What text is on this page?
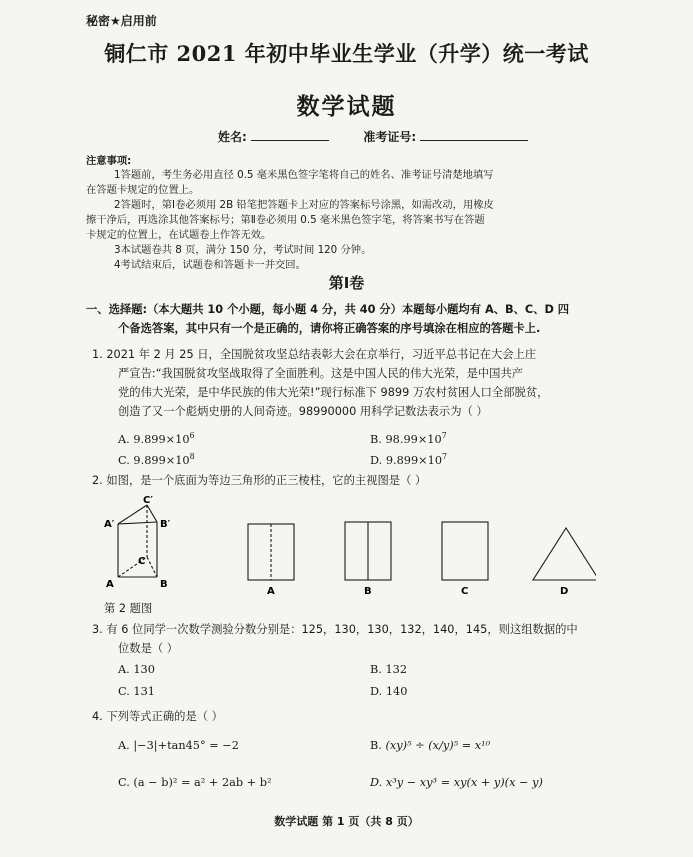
秘密★启用前
铜仁市 2021 年初中毕业生学业（升学）统一考试
数学试题
姓名:	准考证号:
注意事项:
1答题前，考生务必用直径 0.5 毫米黑色签字笔将自己的姓名、准考证号清楚地填写
在答题卡规定的位置上。
2答题时，第Ⅰ卷必须用 2B 铅笔把答题卡上对应的答案标号涂黑，如需改动，用橡皮
擦干净后，再选涂其他答案标号；第Ⅱ卷必须用 0.5 毫米黑色签字笔，将答案书写在答题
卡规定的位置上，在试题卷上作答无效。
3本试题卷共 8 页，满分 150 分，考试时间 120 分钟。
4考试结束后，试题卷和答题卡一并交回。
第Ⅰ卷
一、选择题:（本大题共 10 个小题，每小题 4 分，共 40 分）本题每小题均有 A、B、C、D 四
个备选答案，其中只有一个是正确的，请你将正确答案的序号填涂在相应的答题卡上.
1. 2021 年 2 月 25 日，全国脱贫攻坚总结表彰大会在京举行，习近平总书记在大会上庄
严宣告:“我国脱贫攻坚战取得了全面胜利。这是中国人民的伟大光荣，是中国共产
党的伟大光荣，是中华民族的伟大光荣!”现行标准下 9899 万农村贫困人口全部脱贫，
创造了又一个彪炳史册的人间奇迹。98990000 用科学记数法表示为（ ）
A. $9.899\times 10^6$	B. $98.99\times 10^7$
C. $9.899\times 10^8$	D. $9.899\times 10^7$
2. 如图，是一个底面为等边三角形的正三棱柱，它的主视图是（ ）
C′
A′	B′
C
A	B
A	B	C	D
第 2 题图
3. 有 6 位同学一次数学测验分数分别是：125，130，130，132，140，145，则这组数据的中
位数是（ ）
A. 130	B. 132
C. 131	D. 140
4. 下列等式正确的是（ ）
A. |−3|+tan45° = −2	B. (xy)⁵ ÷ (x/y)⁵ = x¹⁰
C. (a − b)² = a² + 2ab + b²	D. x³y − xy³ = xy(x + y)(x − y)
数学试题 第 1 页（共 8 页）
